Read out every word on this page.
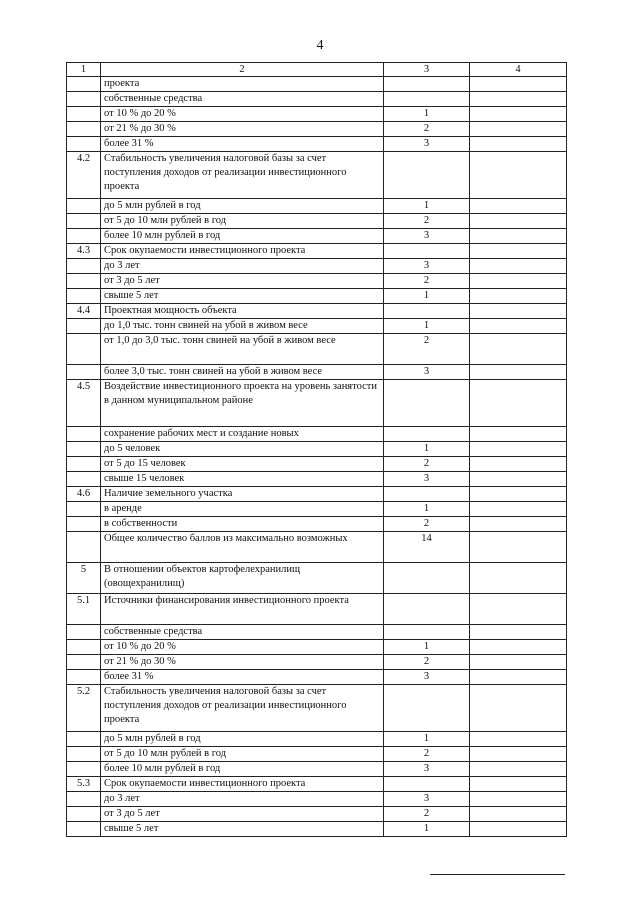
4
1	2	3	4
	проекта		
	собственные средства		
	от 10 % до 20 %	1	
	от 21 % до 30 %	2	
	более 31 %	3	
4.2	Стабильность увеличения налоговой базы за счет поступления доходов от реализации инвестиционного проекта		
	до 5 млн рублей в год	1	
	от 5 до 10 млн рублей в год	2	
	более 10 млн рублей в год	3	
4.3	Срок окупаемости инвестиционного проекта		
	до 3 лет	3	
	от 3 до 5 лет	2	
	свыше 5 лет	1	
4.4	Проектная мощность объекта		
	до 1,0 тыс. тонн свиней на убой в живом весе	1	
	от 1,0 до 3,0 тыс. тонн свиней на убой в живом весе	2	
	более 3,0 тыс. тонн свиней на убой в живом весе	3	
4.5	Воздействие инвестиционного проекта на уровень занятости в данном муниципальном районе		
	сохранение рабочих мест и создание новых		
	до 5 человек	1	
	от 5 до 15 человек	2	
	свыше 15 человек	3	
4.6	Наличие земельного участка		
	в аренде	1	
	в собственности	2	
	Общее количество баллов из максимально возможных	14	
5	В отношении объектов картофелехранилищ (овощехранилищ)		
5.1	Источники финансирования инвестиционного проекта		
	собственные средства		
	от 10 % до 20 %	1	
	от 21 % до 30 %	2	
	более 31 %	3	
5.2	Стабильность увеличения налоговой базы за счет поступления доходов от реализации инвестиционного проекта		
	до 5 млн рублей в год	1	
	от 5 до 10 млн рублей в год	2	
	более 10 млн рублей в год	3	
5.3	Срок окупаемости инвестиционного проекта		
	до 3 лет	3	
	от 3 до 5 лет	2	
	свыше 5 лет	1	
